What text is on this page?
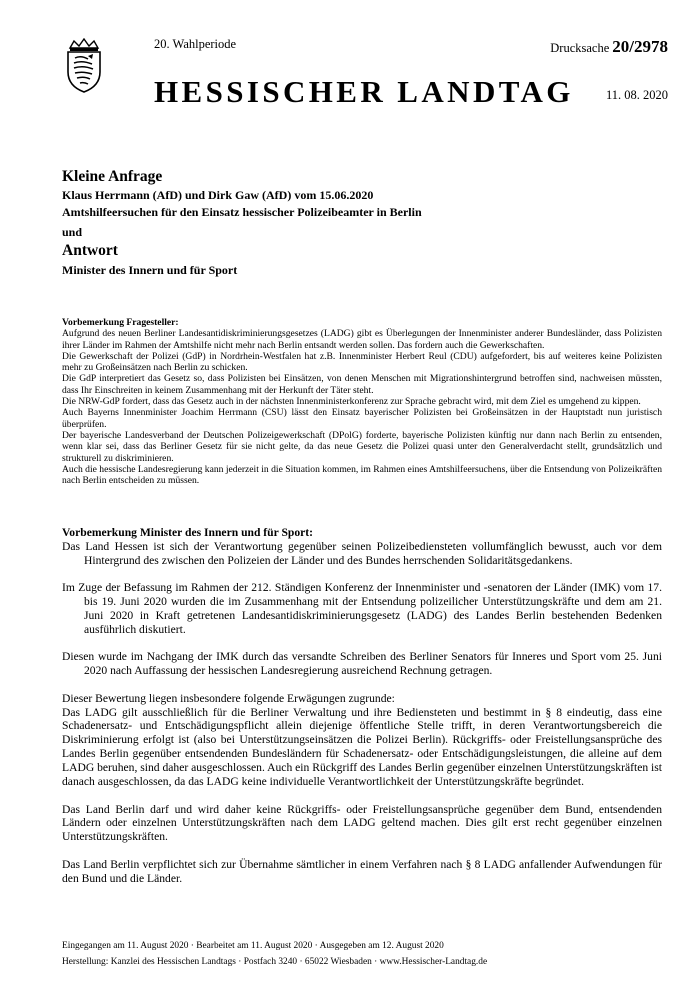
20. Wahlperiode
HESSISCHER LANDTAG
Drucksache 20/2978
11. 08. 2020
Kleine Anfrage
Klaus Herrmann (AfD) und Dirk Gaw (AfD) vom 15.06.2020
Amtshilfeersuchen für den Einsatz hessischer Polizeibeamter in Berlin
und
Antwort
Minister des Innern und für Sport

Vorbemerkung Fragesteller:

Aufgrund des neuen Berliner Landesantidiskriminierungsgesetzes (LADG) gibt es Überlegungen der Innenminister anderer Bundesländer, dass Polizisten ihrer Länder im Rahmen der Amtshilfe nicht mehr nach Berlin entsandt werden sollen. Das fordern auch die Gewerkschaften.

Die Gewerkschaft der Polizei (GdP) in Nordrhein-Westfalen hat z.B. Innenminister Herbert Reul (CDU) aufgefordert, bis auf weiteres keine Polizisten mehr zu Großeinsätzen nach Berlin zu schicken.

Die GdP interpretiert das Gesetz so, dass Polizisten bei Einsätzen, von denen Menschen mit Migrationshintergrund betroffen sind, nachweisen müssten, dass Ihr Einschreiten in keinem Zusammenhang mit der Herkunft der Täter steht.

Die NRW-GdP fordert, dass das Gesetz auch in der nächsten Innenministerkonferenz zur Sprache gebracht wird, mit dem Ziel es umgehend zu kippen.

Auch Bayerns Innenminister Joachim Herrmann (CSU) lässt den Einsatz bayerischer Polizisten bei Großeinsätzen in der Hauptstadt nun juristisch überprüfen.

Der bayerische Landesverband der Deutschen Polizeigewerkschaft (DPolG) forderte, bayerische Polizisten künftig nur dann nach Berlin zu entsenden, wenn klar sei, dass das Berliner Gesetz für sie nicht gelte, da das neue Gesetz die Polizei quasi unter den Generalverdacht stellt, grundsätzlich und strukturell zu diskriminieren.

Auch die hessische Landesregierung kann jederzeit in die Situation kommen, im Rahmen eines Amtshilfeersuchens, über die Entsendung von Polizeikräften nach Berlin entscheiden zu müssen.

Vorbemerkung Minister des Innern und für Sport:

Das Land Hessen ist sich der Verantwortung gegenüber seinen Polizeibediensteten vollumfänglich bewusst, auch vor dem Hintergrund des zwischen den Polizeien der Länder und des Bundes herrschenden Solidaritätsgedankens.

Im Zuge der Befassung im Rahmen der 212. Ständigen Konferenz der Innenminister und -senatoren der Länder (IMK) vom 17. bis 19. Juni 2020 wurden die im Zusammenhang mit der Entsendung polizeilicher Unterstützungskräfte und dem am 21. Juni 2020 in Kraft getretenen Landesantidiskriminierungsgesetz (LADG) des Landes Berlin bestehenden Bedenken ausführlich diskutiert.

Diesen wurde im Nachgang der IMK durch das versandte Schreiben des Berliner Senators für Inneres und Sport vom 25. Juni 2020 nach Auffassung der hessischen Landesregierung ausreichend Rechnung getragen.

Dieser Bewertung liegen insbesondere folgende Erwägungen zugrunde:

Das LADG gilt ausschließlich für die Berliner Verwaltung und ihre Bediensteten und bestimmt in § 8 eindeutig, dass eine Schadenersatz- und Entschädigungspflicht allein diejenige öffentliche Stelle trifft, in deren Verantwortungsbereich die Diskriminierung erfolgt ist (also bei Unterstützungseinsätzen die Polizei Berlin). Rückgriffs- oder Freistellungsansprüche des Landes Berlin gegenüber entsendenden Bundesländern für Schadenersatz- oder Entschädigungsleistungen, die alleine auf dem LADG beruhen, sind daher ausgeschlossen. Auch ein Rückgriff des Landes Berlin gegenüber einzelnen Unterstützungskräften ist danach ausgeschlossen, da das LADG keine individuelle Verantwortlichkeit der Unterstützungskräfte begründet.

Das Land Berlin darf und wird daher keine Rückgriffs- oder Freistellungsansprüche gegenüber dem Bund, entsendenden Ländern oder einzelnen Unterstützungskräften nach dem LADG geltend machen. Dies gilt erst recht gegenüber einzelnen Unterstützungskräften.

Das Land Berlin verpflichtet sich zur Übernahme sämtlicher in einem Verfahren nach § 8 LADG anfallender Aufwendungen für den Bund und die Länder.

Eingegangen am 11. August 2020 · Bearbeitet am 11. August 2020 · Ausgegeben am 12. August 2020
Herstellung: Kanzlei des Hessischen Landtags · Postfach 3240 · 65022 Wiesbaden · www.Hessischer-Landtag.de
